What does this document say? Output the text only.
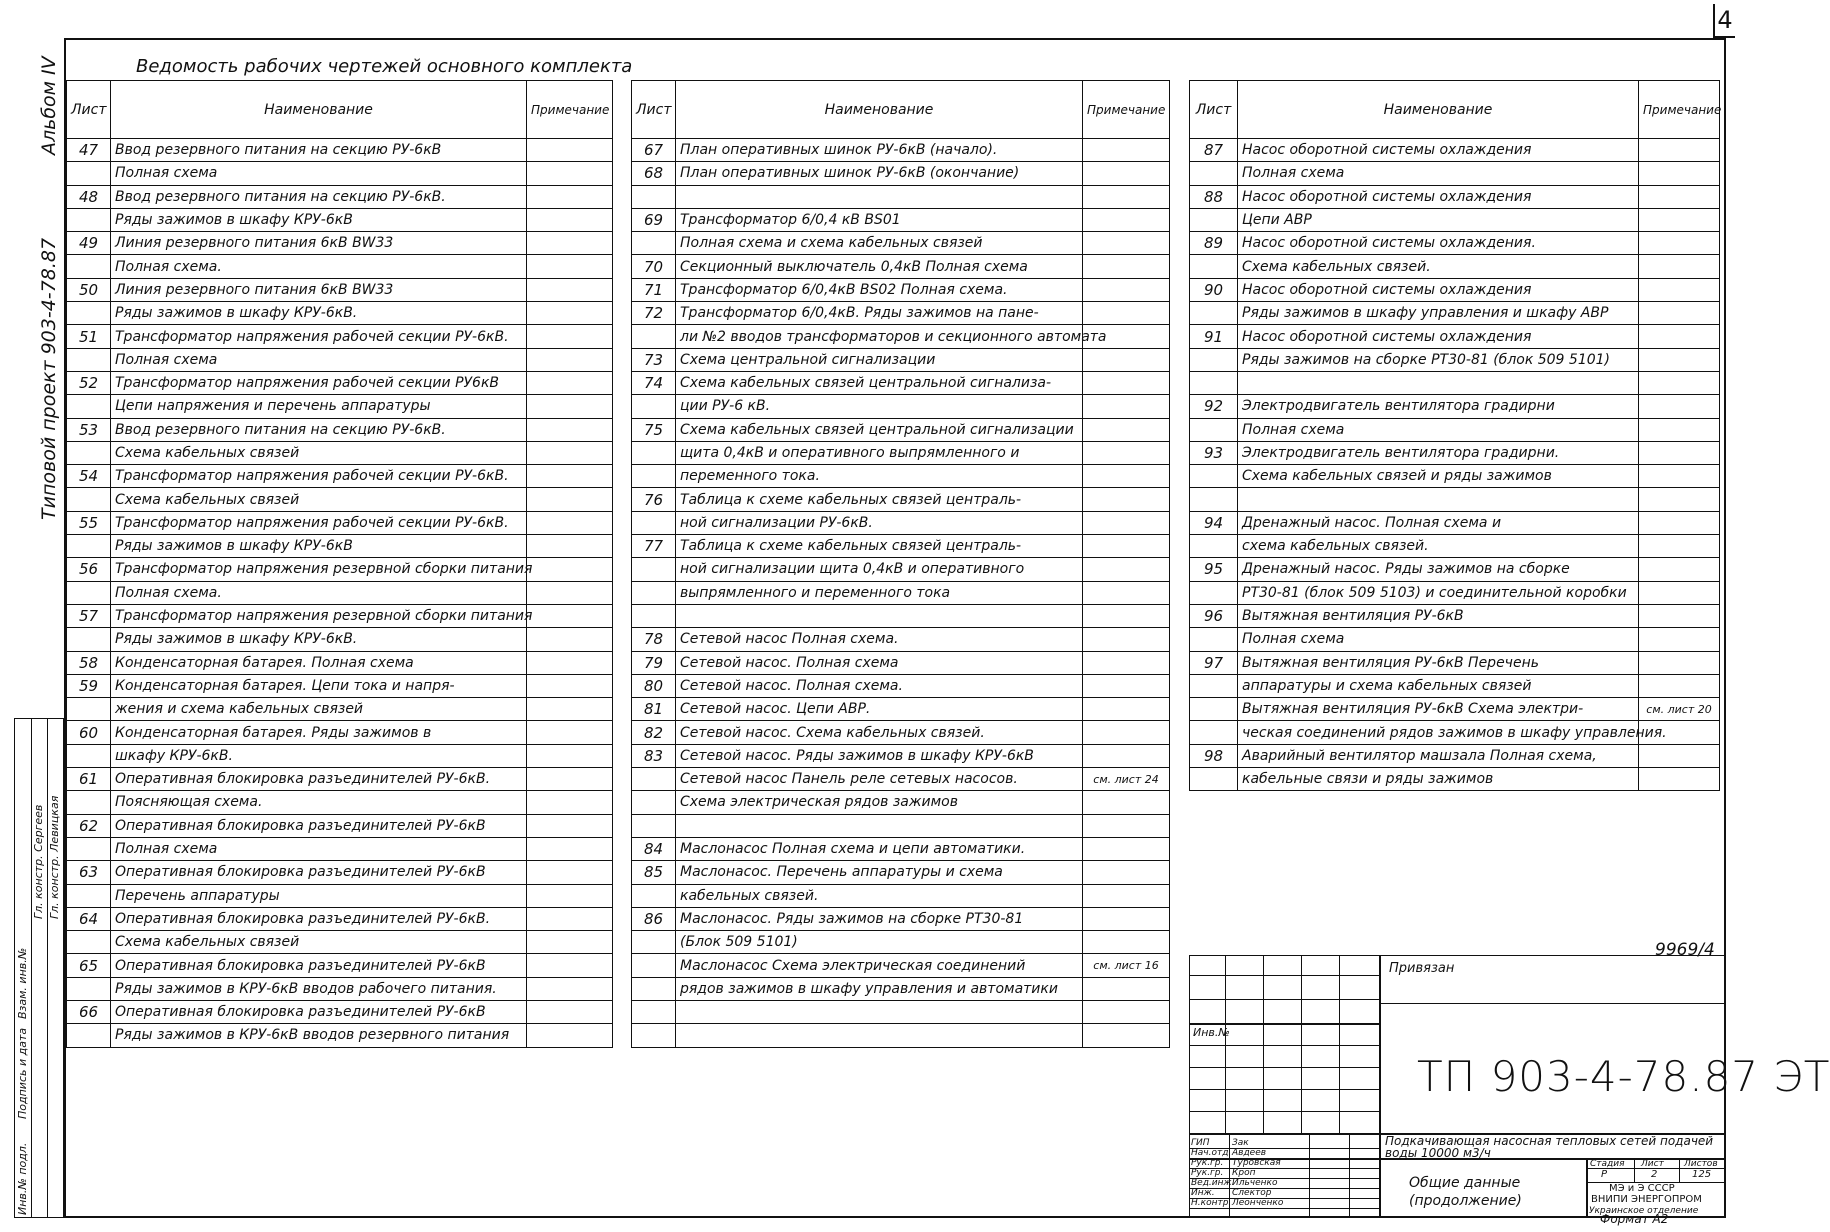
4
Альбом IV
Типовой проект 903-4-78.87
Инв.№ подл.
Подпись и дата
Взам. инв.№
Гл. констр. Сергеев Гл. констр. Левицкая
Ведомость рабочих чертежей основного комплекта
Лист	Наименование	Примечание
47	Ввод резервного питания на секцию РУ-6кВ	
	Полная схема	
48	Ввод резервного питания на секцию РУ-6кВ.	
	Ряды зажимов в шкафу КРУ-6кВ	
49	Линия резервного питания 6кВ BW33	
	Полная схема.	
50	Линия резервного питания 6кВ BW33	
	Ряды зажимов в шкафу КРУ-6кВ.	
51	Трансформатор напряжения рабочей секции РУ-6кВ.	
	Полная схема	
52	Трансформатор напряжения рабочей секции РУ6кВ	
	Цепи напряжения и перечень аппаратуры	
53	Ввод резервного питания на секцию РУ-6кВ.	
	Схема кабельных связей	
54	Трансформатор напряжения рабочей секции РУ-6кВ.	
	Схема кабельных связей	
55	Трансформатор напряжения рабочей секции РУ-6кВ.	
	Ряды зажимов в шкафу КРУ-6кВ	
56	Трансформатор напряжения резервной сборки питания	
	Полная схема.	
57	Трансформатор напряжения резервной сборки питания	
	Ряды зажимов в шкафу КРУ-6кВ.	
58	Конденсаторная батарея. Полная схема	
59	Конденсаторная батарея. Цепи тока и напря-	
	жения и схема кабельных связей	
60	Конденсаторная батарея. Ряды зажимов в	
	шкафу КРУ-6кВ.	
61	Оперативная блокировка разъединителей РУ-6кВ.	
	Поясняющая схема.	
62	Оперативная блокировка разъединителей РУ-6кВ	
	Полная схема	
63	Оперативная блокировка разъединителей РУ-6кВ	
	Перечень аппаратуры	
64	Оперативная блокировка разъединителей РУ-6кВ.	
	Схема кабельных связей	
65	Оперативная блокировка разъединителей РУ-6кВ	
	Ряды зажимов в КРУ-6кВ вводов рабочего питания.	
66	Оперативная блокировка разъединителей РУ-6кВ	
	Ряды зажимов в КРУ-6кВ вводов резервного питания	
Лист	Наименование	Примечание
67	План оперативных шинок РУ-6кВ (начало).	
68	План оперативных шинок РУ-6кВ (окончание)	

69	Трансформатор 6/0,4 кВ BS01	
	Полная схема и схема кабельных связей	
70	Секционный выключатель 0,4кВ Полная схема	
71	Трансформатор 6/0,4кВ BS02 Полная схема.	
72	Трансформатор 6/0,4кВ. Ряды зажимов на пане-	
	ли №2 вводов трансформаторов и секционного автомата	
73	Схема центральной сигнализации	
74	Схема кабельных связей центральной сигнализа-	
	ции РУ-6 кВ.	
75	Схема кабельных связей центральной сигнализации	
	щита 0,4кВ и оперативного выпрямленного и	
	переменного тока.	
76	Таблица к схеме кабельных связей централь-	
	ной сигнализации РУ-6кВ.	
77	Таблица к схеме кабельных связей централь-	
	ной сигнализации щита 0,4кВ и оперативного	
	выпрямленного и переменного тока	

78	Сетевой насос Полная схема.	
79	Сетевой насос. Полная схема	
80	Сетевой насос. Полная схема.	
81	Сетевой насос. Цепи АВР.	
82	Сетевой насос. Схема кабельных связей.	
83	Сетевой насос. Ряды зажимов в шкафу КРУ-6кВ	
	Сетевой насос Панель реле сетевых насосов.	см. лист 24
	Схема электрическая рядов зажимов	

84	Маслонасос Полная схема и цепи автоматики.	
85	Маслонасос. Перечень аппаратуры и схема	
	кабельных связей.	
86	Маслонасос. Ряды зажимов на сборке РТ30-81	
	(Блок 509 5101)	
	Маслонасос Схема электрическая соединений	см. лист 16
	рядов зажимов в шкафу управления и автоматики	

Лист	Наименование	Примечание
87	Насос оборотной системы охлаждения	
	Полная схема	
88	Насос оборотной системы охлаждения	
	Цепи АВР	
89	Насос оборотной системы охлаждения.	
	Схема кабельных связей.	
90	Насос оборотной системы охлаждения	
	Ряды зажимов в шкафу управления и шкафу АВР	
91	Насос оборотной системы охлаждения	
	Ряды зажимов на сборке РТ30-81 (блок 509 5101)	

92	Электродвигатель вентилятора градирни	
	Полная схема	
93	Электродвигатель вентилятора градирни.	
	Схема кабельных связей и ряды зажимов	

94	Дренажный насос. Полная схема и	
	схема кабельных связей.	
95	Дренажный насос. Ряды зажимов на сборке	
	РТ30-81 (блок 509 5103) и соединительной коробки	
96	Вытяжная вентиляция РУ-6кВ	
	Полная схема	
97	Вытяжная вентиляция РУ-6кВ Перечень	
	аппаратуры и схема кабельных связей	
	Вытяжная вентиляция РУ-6кВ Схема электри-	см. лист 20
	ческая соединений рядов зажимов в шкафу управления.	
98	Аварийный вентилятор машзала Полная схема,	
	кабельные связи и ряды зажимов	
9969/4
Привязан
Инв.№
ТП 903-4-78.87 ЭТ
Подкачивающая насосная тепловых сетей подачей воды 10000 м3/ч
Общие данные
(продолжение)
Стадия Лист Листов
Р	2	125
МЭ и Э СССР
ВНИПИ ЭНЕРГОПРОМ
Украинское отделение
ГИП Зак
Нач.отд. Авдеев
Рук.гр. Туровская
Рук.гр. Кроп
Вед.инж.
Ильченко
Инж. Слектор
Н.контр. Леонченко
Формат А2
